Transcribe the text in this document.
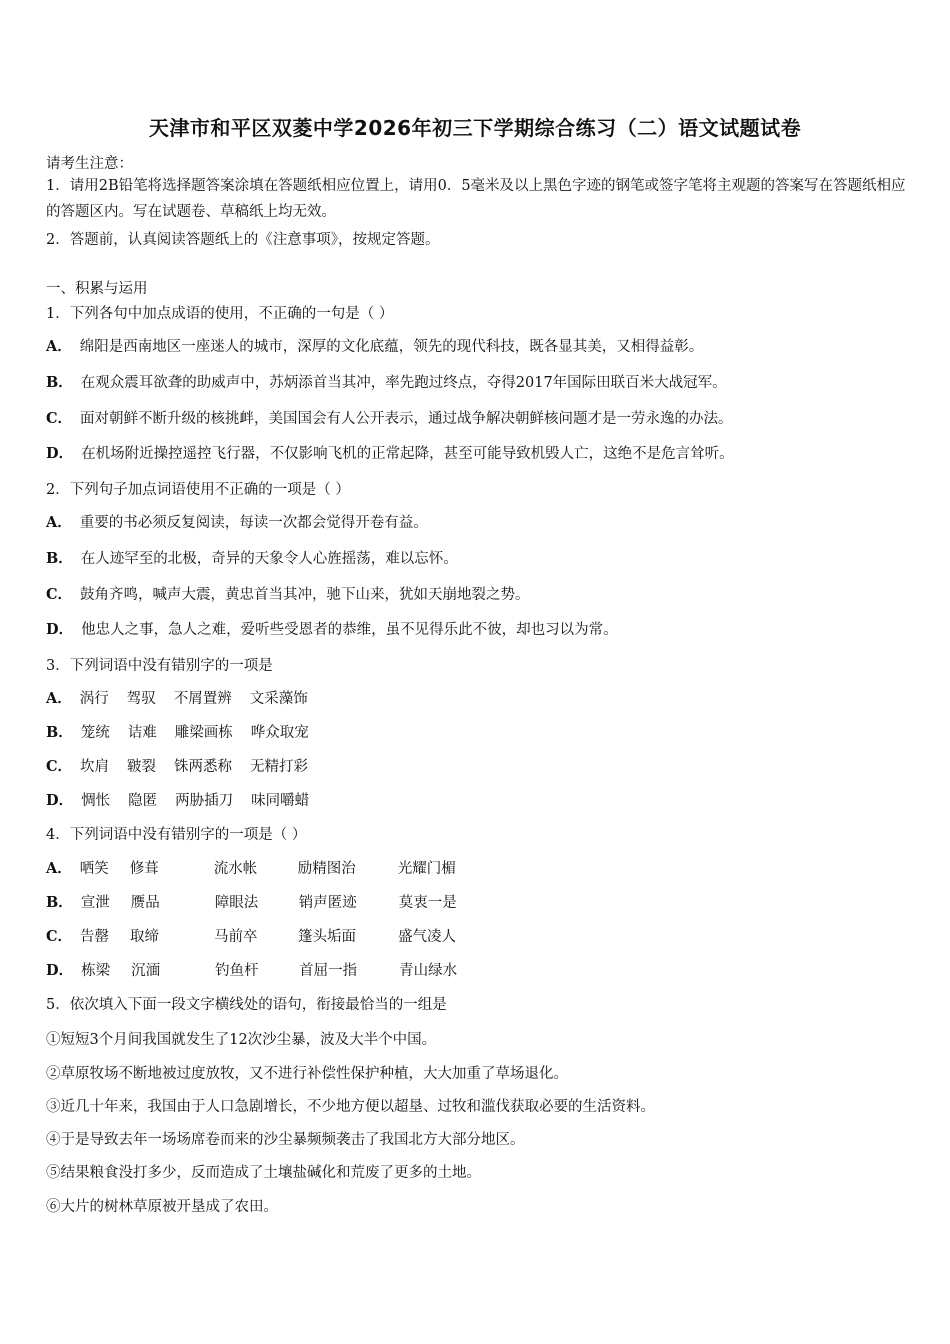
天津市和平区双菱中学2026年初三下学期综合练习（二）语文试题试卷
请考生注意：
1．请用2B铅笔将选择题答案涂填在答题纸相应位置上，请用0．5毫米及以上黑色字迹的钢笔或签字笔将主观题的答案写在答题纸相应的答题区内。写在试题卷、草稿纸上均无效。
2．答题前，认真阅读答题纸上的《注意事项》，按规定答题。
一、积累与运用
1．下列各句中加点成语的使用，不正确的一句是（ ）
A． 绵阳是西南地区一座迷人的城市，深厚的文化底蕴，领先的现代科技，既各显其美，又相得益彰。
B． 在观众震耳欲聋的助威声中，苏炳添首当其冲，率先跑过终点，夺得2017年国际田联百米大战冠军。
C． 面对朝鲜不断升级的核挑衅，美国国会有人公开表示，通过战争解决朝鲜核问题才是一劳永逸的办法。
D． 在机场附近操控遥控飞行器，不仅影响飞机的正常起降，甚至可能导致机毁人亡，这绝不是危言耸听。
2．下列句子加点词语使用不正确的一项是（ ）
A． 重要的书必须反复阅读，每读一次都会觉得开卷有益。
B． 在人迹罕至的北极，奇异的天象令人心旌摇荡，难以忘怀。
C． 鼓角齐鸣，喊声大震，黄忠首当其冲，驰下山来，犹如天崩地裂之势。
D． 他忠人之事，急人之难，爱听些受恩者的恭维，虽不见得乐此不彼，却也习以为常。
3．下列词语中没有错别字的一项是
A． 涡行 驾驭 不屑置辨 文采藻饰
B． 笼统 诘难 雕梁画栋 哗众取宠
C． 坎肩 皲裂 铢两悉称 无精打彩
D． 惆怅 隐匿 两胁插刀 味同嚼蜡
4．下列词语中没有错别字的一项是（ ）
A． 哂笑 修葺	流水帐	励精图治	光耀门楣
B． 宣泄 赝品	障眼法	销声匿迹	莫衷一是
C． 告罄 取缔	马前卒	篷头垢面	盛气凌人
D． 栋梁 沉湎	钓鱼杆	首屈一指	青山绿水
5．依次填入下面一段文字横线处的语句，衔接最恰当的一组是
①短短3个月间我国就发生了12次沙尘暴，波及大半个中国。
②草原牧场不断地被过度放牧，又不进行补偿性保护种植，大大加重了草场退化。
③近几十年来，我国由于人口急剧增长，不少地方便以超垦、过牧和滥伐获取必要的生活资料。
④于是导致去年一场场席卷而来的沙尘暴频频袭击了我国北方大部分地区。
⑤结果粮食没打多少，反而造成了土壤盐碱化和荒废了更多的土地。
⑥大片的树林草原被开垦成了农田。
